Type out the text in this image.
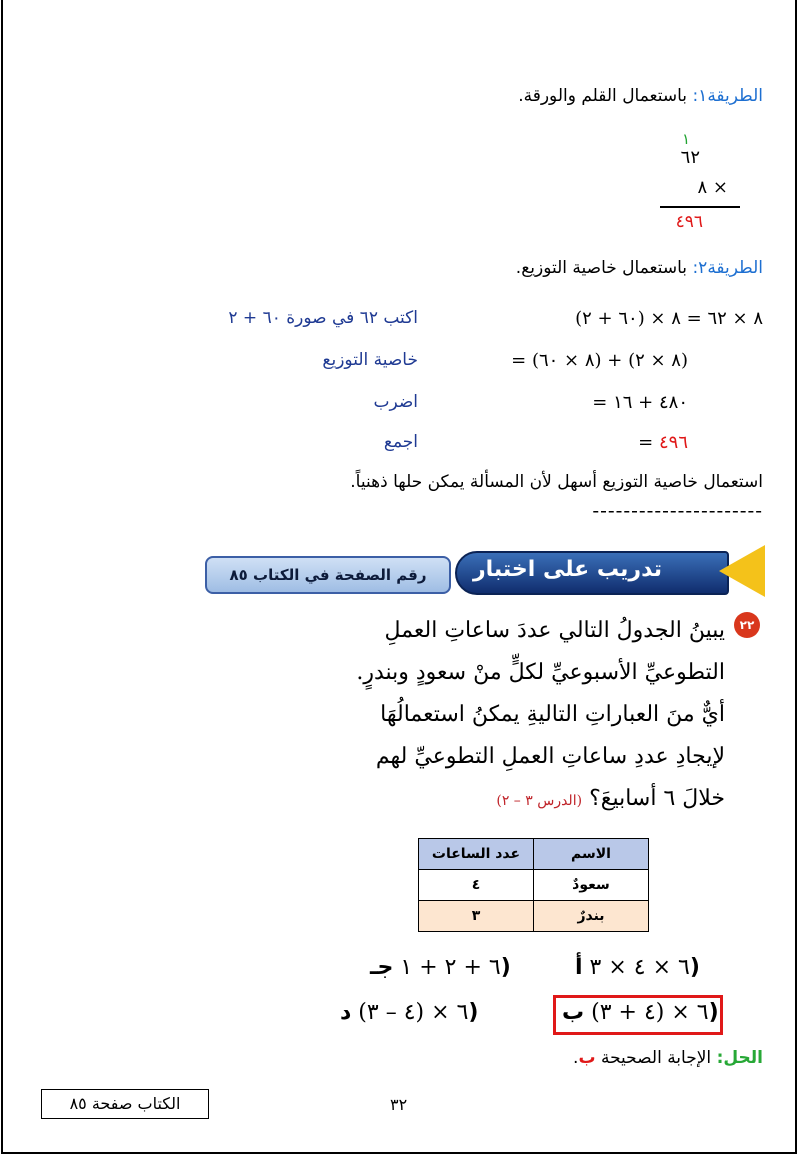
الطريقة١: باستعمال القلم والورقة.
١
٦٢
٨ ×
٤٩٦
الطريقة٢: باستعمال خاصية التوزيع.
٨ × ٦٢ = ٨ × (٦٠ + ٢)
اكتب ٦٢ في صورة ٦٠ + ٢
= (٨ × ٦٠) + (٨ × ٢)
خاصية التوزيع
= ٤٨٠ + ١٦
اضرب
= ٤٩٦
اجمع
استعمال خاصية التوزيع أسهل لأن المسألة يمكن حلها ذهنياً.
----------------------
تدريب على اختبار
رقم الصفحة في الكتاب ٨٥
٢٢
يبينُ الجدولُ التالي عددَ ساعاتِ العملِ
التطوعيِّ الأسبوعيِّ لكلٍّ منْ سعودٍ وبندرٍ.
أيٌّ منَ العباراتِ التاليةِ يمكنُ استعمالُهَا
لإيجادِ عددِ ساعاتِ العملِ التطوعيِّ لهم
خلالَ ٦ أسابيعَ؟ (الدرس ٣ – ٢)
الاسم	عدد الساعات
سعودٌ	٤
بندرٌ	٣
٦ × ٤ × ٣ أ)
٦ + ٢ + ١ جـ)
٦ × (٤ + ٣) ب)
٦ × (٤ – ٣) د)
الحل: الإجابة الصحيحة ب.
الكتاب صفحة ٨٥	٣٢
